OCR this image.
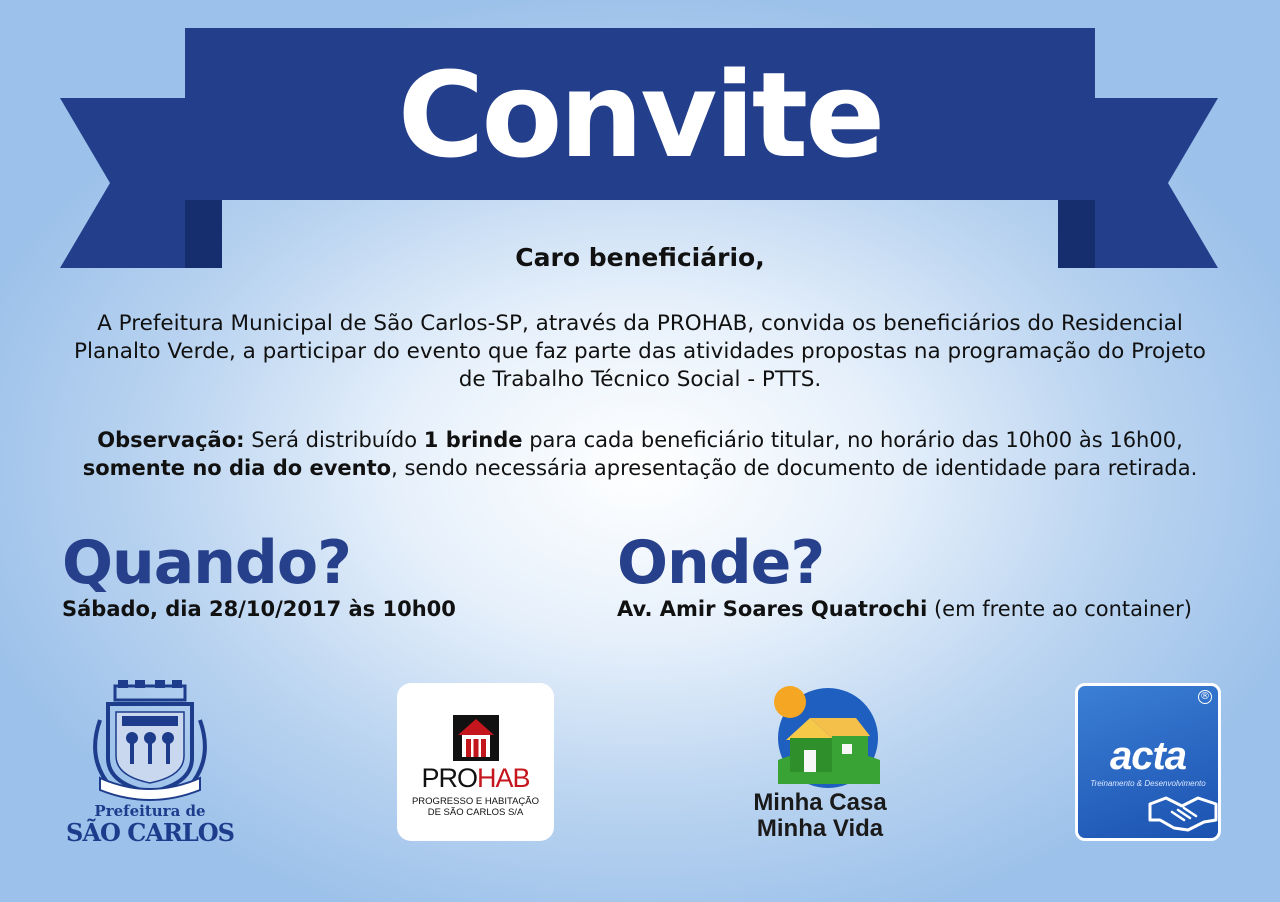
Convite
Caro beneficiário,
A Prefeitura Municipal de São Carlos-SP, através da PROHAB, convida os beneficiários do Residencial Planalto Verde, a participar do evento que faz parte das atividades propostas na programação do Projeto de Trabalho Técnico Social - PTTS.
Observação: Será distribuído 1 brinde para cada beneficiário titular, no horário das 10h00 às 16h00,
somente no dia do evento, sendo necessária apresentação de documento de identidade para retirada.
Quando?
Sábado, dia 28/10/2017 às 10h00
Onde?
Av. Amir Soares Quatrochi (em frente ao container)
Prefeitura de
SÃO CARLOS
PROHAB
PROGRESSO E HABITAÇÃO
DE SÃO CARLOS S/A	Minha Casa
Minha Vida
®
acta
Treinamento & Desenvolvimento
